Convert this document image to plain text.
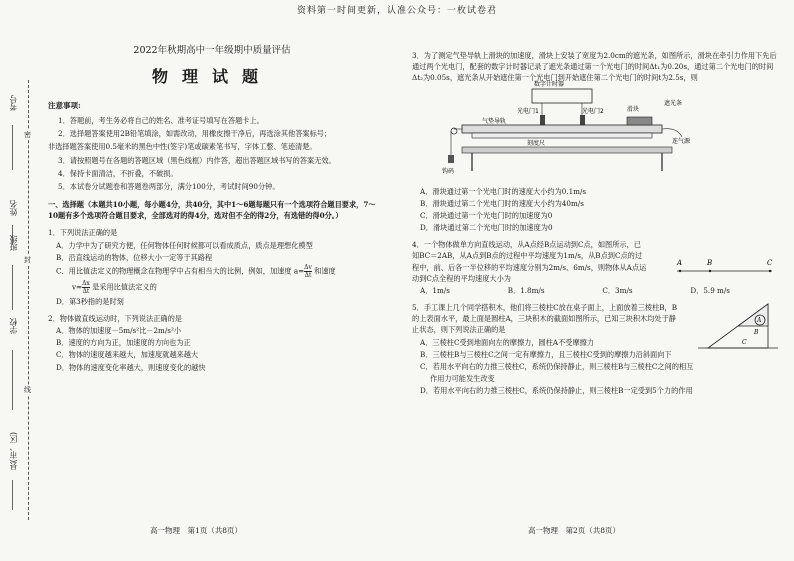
资料第一时间更新，认准公众号：一枚试卷君
考号
姓名
班级
学校
县(市、区)
密
封
线
2022年秋期高中一年级期中质量评估
物理试题
注意事项:

1．答题前，考生务必将自己的姓名、准考证号填写在答题卡上。

2．选择题答案使用2B铅笔填涂，如需改动，用橡皮擦干净后，再选涂其他答案标号；

非选择题答案使用0.5毫米的黑色中性(签字)笔或碳素笔书写，字体工整、笔迹清楚。

3．请按照题号在各题的答题区域（黑色线框）内作答，超出答题区域书写的答案无效。

4．保持卡面清洁，不折叠，不破损。

5．本试卷分试题卷和答题卷两部分，满分100分，考试时间90分钟。

一、选择题（本题共10小题，每小题4分，共40分，其中1～6题每题只有一个选项符合题目要求，7～10题有多个选项符合题目要求，全部选对的得4分，选对但不全的得2分，有选错的得0分。）

1．下列说法正确的是

A．力学中为了研究方便，任何物体任何时候都可以看成质点，质点是理想化模型

B．沿直线运动的物体，位移大小一定等于其路程

C．用比值法定义的物理概念在物理学中占有相当大的比例，例如，加速度 $a= \frac{\Delta v}{\Delta t}$ 和速度

$v= \frac{\Delta x}{\Delta t}$ 是采用比值法定义的

D．第3秒指的是时刻

2．物体做直线运动时，下列说法正确的是

A．物体的加速度－5m/s²比－2m/s²小

B．速度的方向为正，加速度的方向也为正

C．物体的速度越来越大，加速度就越来越大

D．物体的速度变化率越大，则速度变化的越快

3．为了测定气垫导轨上滑块的加速度，滑块上安装了宽度为2.0cm的遮光条，如图所示，滑块在牵引力作用下先后通过两个光电门，配套的数字计时器记录了遮光条通过第一个光电门的时间Δt₁为0.20s，通过第二个光电门的时间Δt₂为0.05s，遮光条从开始遮住第一个光电门到开始遮住第二个光电门的时间t为2.5s，则

数字计时器
光电门1	光电门2
气垫导轨
滑块
遮光条
钩码
刻度尺	连气源

A．滑块通过第一个光电门时的速度大小约为0.1m/s

B．滑块通过第二个光电门时的速度大小约为40m/s

C．滑块通过第一个光电门时的加速度为0

D．滑块通过第二个光电门时的加速度为0

4．一个物体做单方向直线运动，从A点经B点运动到C点，如图所示，已知BC＝2AB，从A点到B点的过程中平均速度为1m/s，从B点到C点的过程中，前、后各一半位移的平均速度分别为2m/s、6m/s，则物体从A点运动到C点全程的平均速度大小为

A	B	C

A．1m/s	B．1.8m/s	C．3m/s	D．5.9 m/s

5．手工课上几个同学搭积木，他们将三棱柱C放在桌子面上，上面放着三棱柱B，B的上表面水平，最上面是圆柱A，三块积木的截面如图所示，已知三块积木均处于静止状态，则下列说法正确的是

A
B
C

A．三棱柱C受到地面向左的摩擦力，圆柱A不受摩擦力

B．三棱柱B与三棱柱C之间一定有摩擦力，且三棱柱C受到的摩擦力沿斜面向下

C．若用水平向右的力推三棱柱C，系统仍保持静止，则三棱柱B与三棱柱C之间的相互

作用力可能发生改变

D．若用水平向右的力推三棱柱C，系统仍保持静止，则三棱柱B一定受到5个力的作用

高一物理　第1页（共8页）	高一物理　第2页（共8页）
